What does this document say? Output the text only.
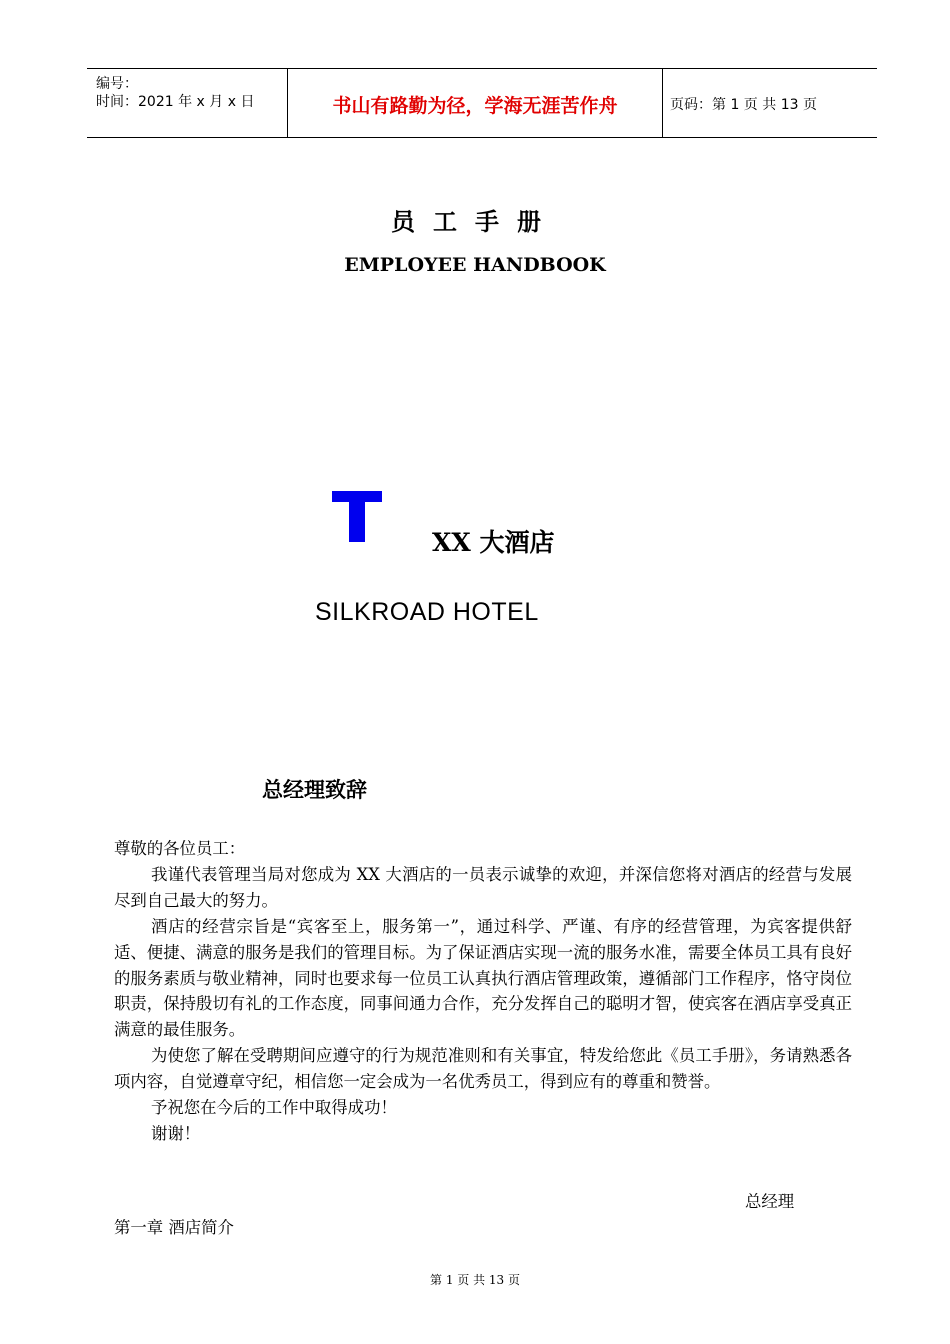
编号：
时间：2021 年 x 月 x 日	书山有路勤为径，学海无涯苦作舟	页码：第 1 页 共 13 页
员工手册
EMPLOYEE HANDBOOK
XX 大酒店
SILKROAD HOTEL
总经理致辞

尊敬的各位员工：

我谨代表管理当局对您成为 XX 大酒店的一员表示诚挚的欢迎，并深信您将对酒店的经营与发展尽到自己最大的努力。

酒店的经营宗旨是“宾客至上，服务第一”，通过科学、严谨、有序的经营管理，为宾客提供舒适、便捷、满意的服务是我们的管理目标。为了保证酒店实现一流的服务水准，需要全体员工具有良好的服务素质与敬业精神，同时也要求每一位员工认真执行酒店管理政策，遵循部门工作程序，恪守岗位职责，保持殷切有礼的工作态度，同事间通力合作，充分发挥自己的聪明才智，使宾客在酒店享受真正满意的最佳服务。

为使您了解在受聘期间应遵守的行为规范准则和有关事宜，特发给您此《员工手册》，务请熟悉各项内容，自觉遵章守纪，相信您一定会成为一名优秀员工，得到应有的尊重和赞誉。

予祝您在今后的工作中取得成功！

谢谢！

总经理
第一章 酒店简介
第 1 页 共 13 页
